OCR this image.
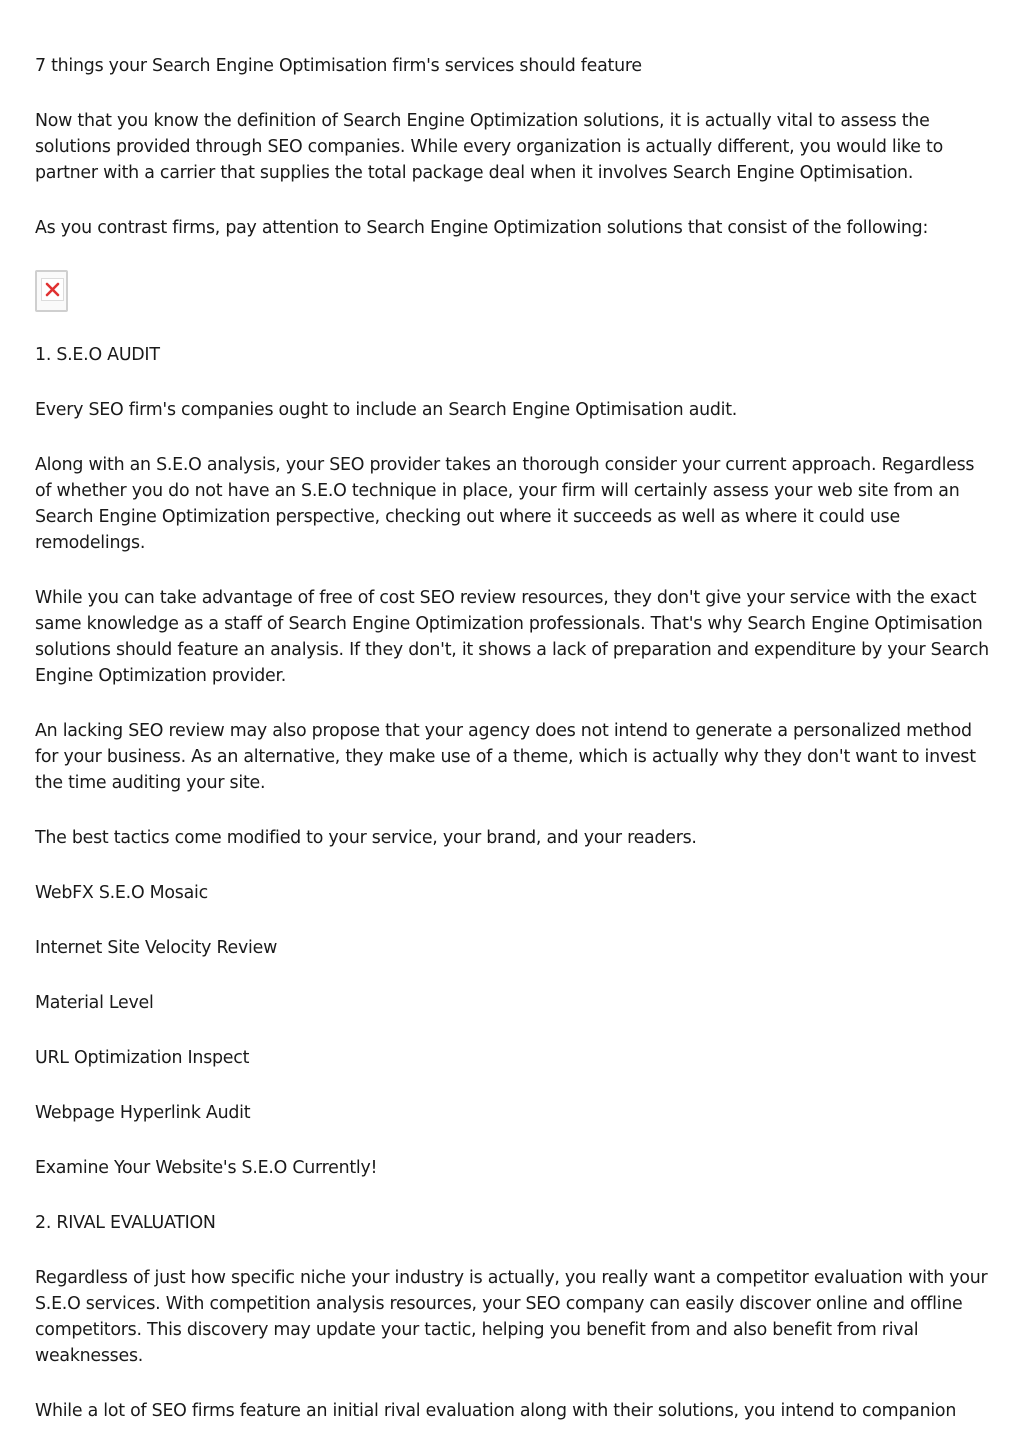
7 things your Search Engine Optimisation firm's services should feature

Now that you know the definition of Search Engine Optimization solutions, it is actually vital to assess the solutions provided through SEO companies. While every organization is actually different, you would like to partner with a carrier that supplies the total package deal when it involves Search Engine Optimisation.

As you contrast firms, pay attention to Search Engine Optimization solutions that consist of the following:

1. S.E.O AUDIT

Every SEO firm's companies ought to include an Search Engine Optimisation audit.

Along with an S.E.O analysis, your SEO provider takes an thorough consider your current approach. Regardless of whether you do not have an S.E.O technique in place, your firm will certainly assess your web site from an Search Engine Optimization perspective, checking out where it succeeds as well as where it could use remodelings.

While you can take advantage of free of cost SEO review resources, they don't give your service with the exact same knowledge as a staff of Search Engine Optimization professionals. That's why Search Engine Optimisation solutions should feature an analysis. If they don't, it shows a lack of preparation and expenditure by your Search Engine Optimization provider.

An lacking SEO review may also propose that your agency does not intend to generate a personalized method for your business. As an alternative, they make use of a theme, which is actually why they don't want to invest the time auditing your site.

The best tactics come modified to your service, your brand, and your readers.

WebFX S.E.O Mosaic

Internet Site Velocity Review

Material Level

URL Optimization Inspect

Webpage Hyperlink Audit

Examine Your Website's S.E.O Currently!

2. RIVAL EVALUATION

Regardless of just how specific niche your industry is actually, you really want a competitor evaluation with your S.E.O services. With competition analysis resources, your SEO company can easily discover online and offline competitors. This discovery may update your tactic, helping you benefit from and also benefit from rival weaknesses.

While a lot of SEO firms feature an initial rival evaluation along with their solutions, you intend to companion
